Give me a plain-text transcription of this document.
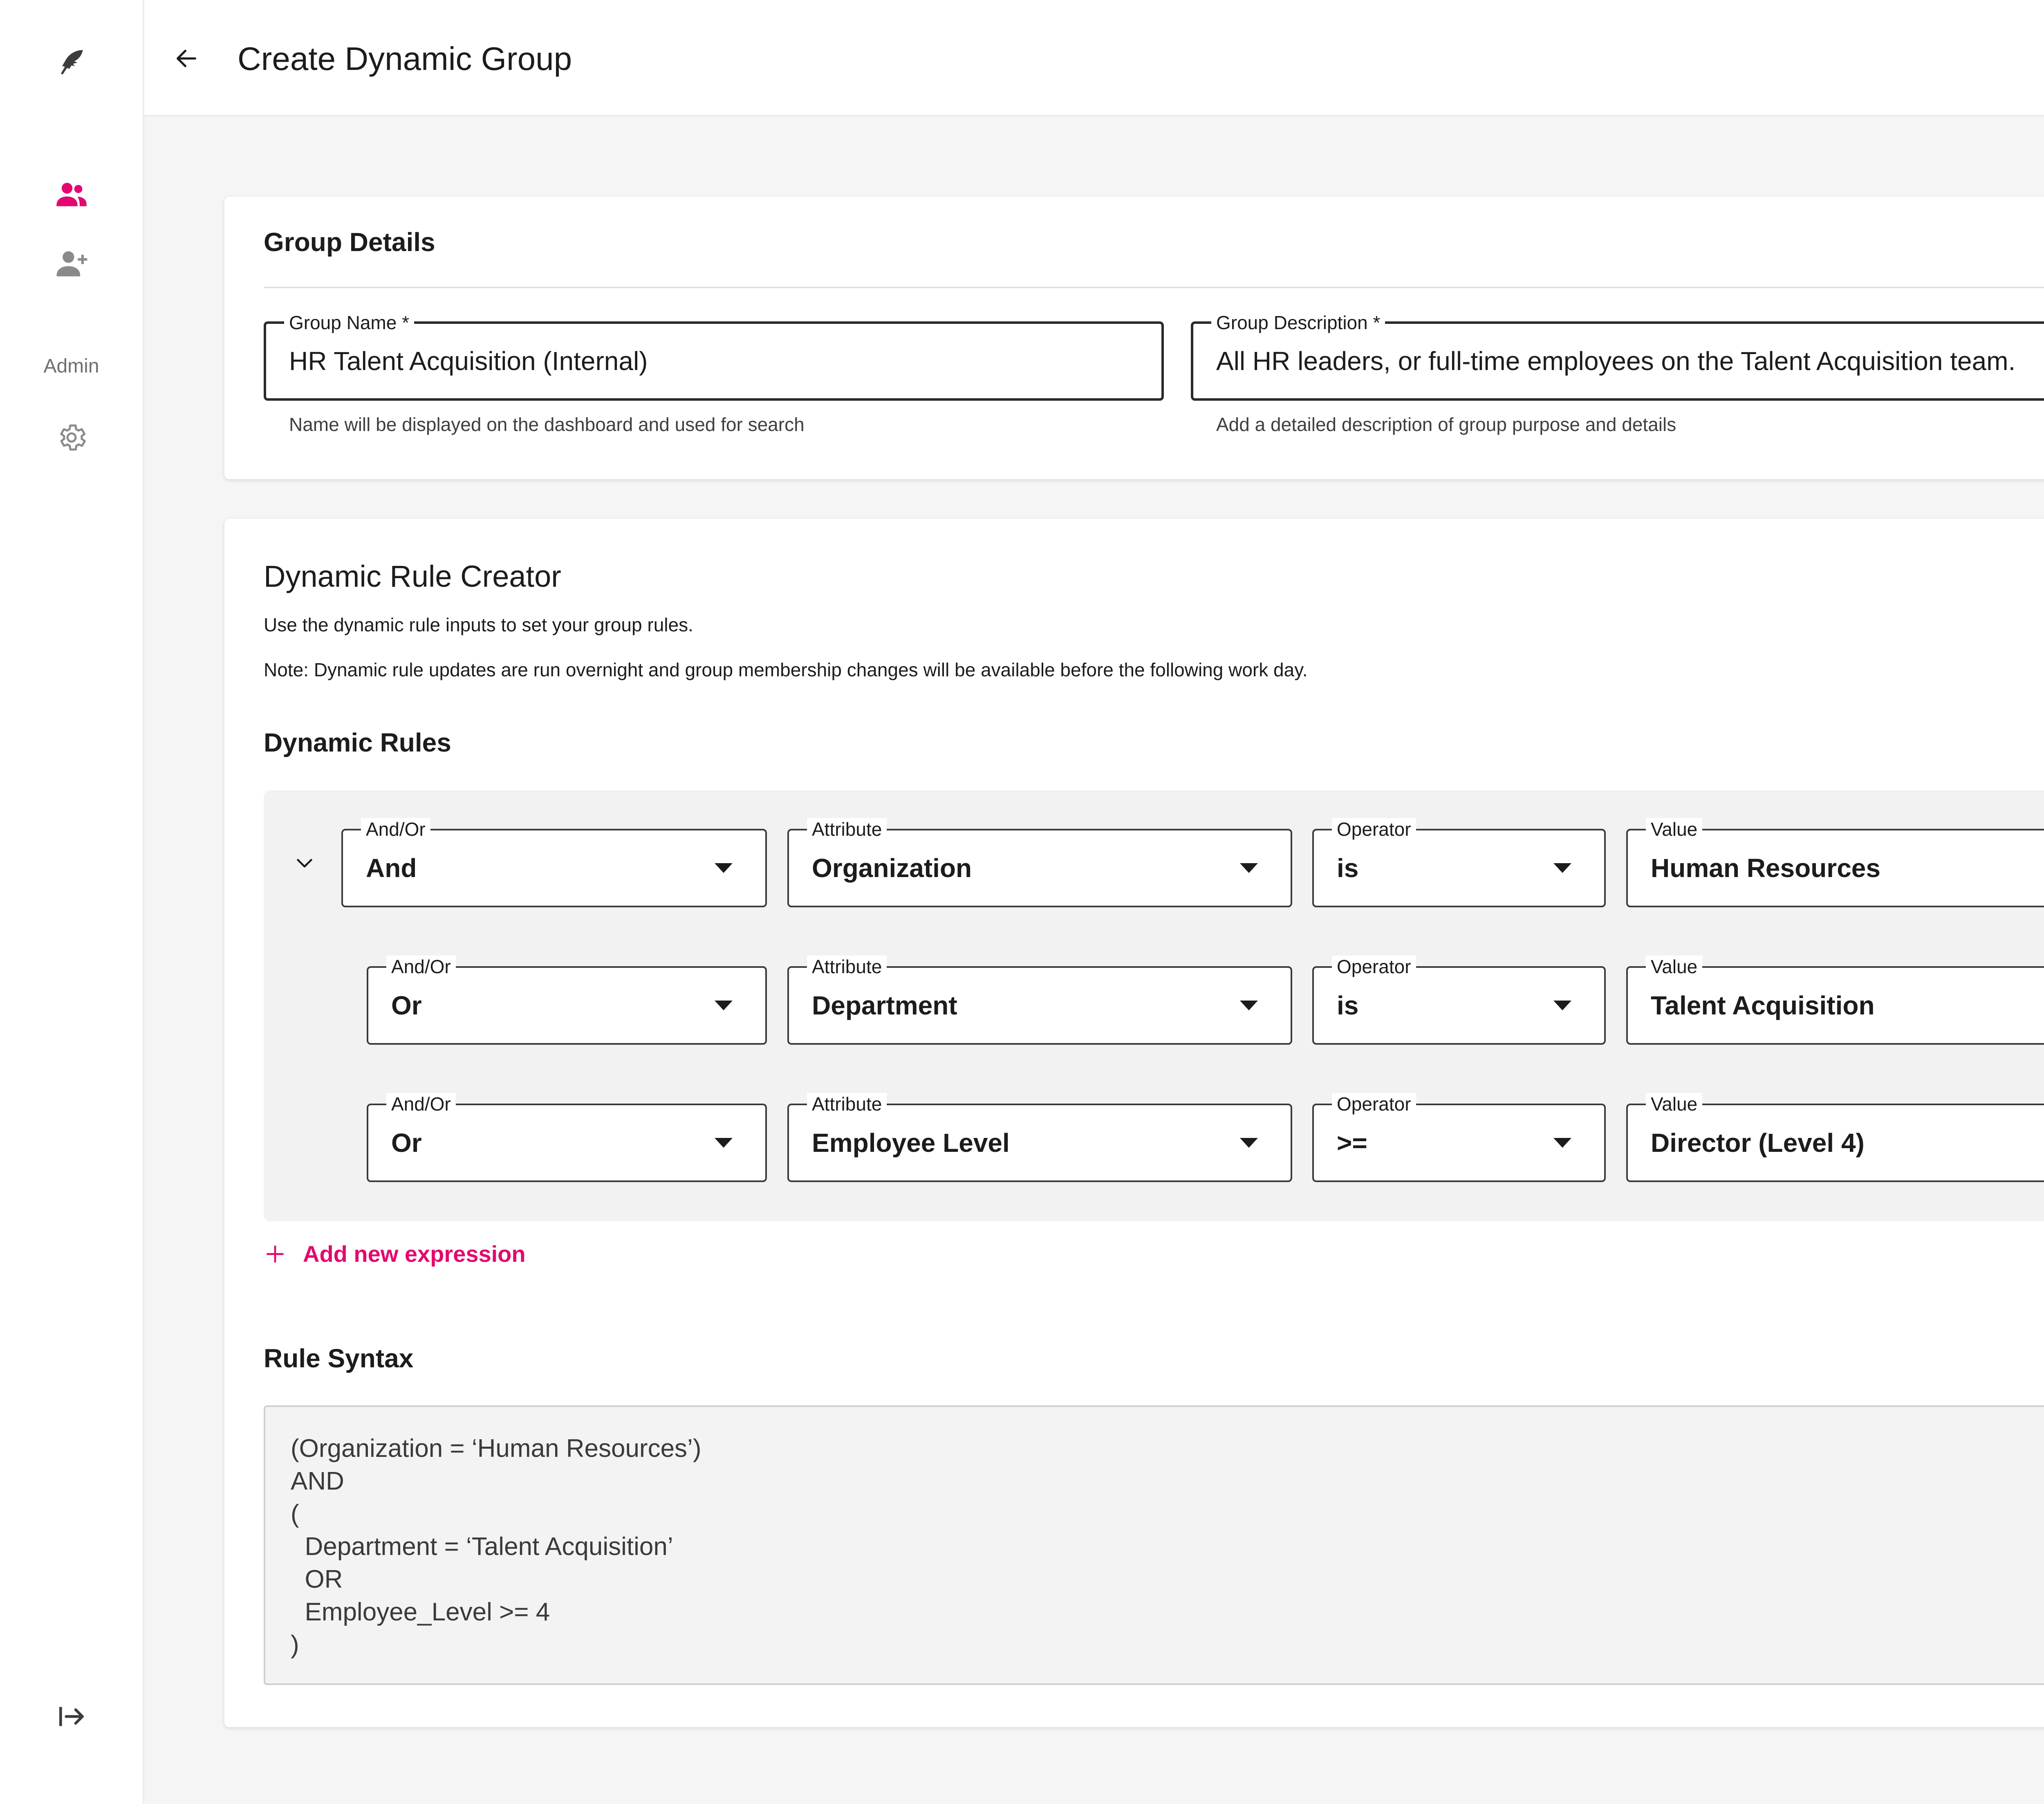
Admin
Create Dynamic Group
Group Details
Group Name *
HR Talent Acquisition (Internal)
Name will be displayed on the dashboard and used for search
Group Description *
All HR leaders, or full-time employees on the Talent Acquisition team.
Add a detailed description of group purpose and details
Dynamic Rule Creator

Use the dynamic rule inputs to set your group rules.

Note: Dynamic rule updates are run overnight and group membership changes will be available before the following work day.

Dynamic Rules
And/Or
And
Attribute
Organization
Operator
is
Value
Human Resources
And/Or
Or
Attribute
Department
Operator
is
Value
Talent Acquisition
And/Or
Or
Attribute
Employee Level
Operator
>=
Value
Director (Level 4)
Add new expression
Rule Syntax
(Organization = ‘Human Resources’)
AND
(
Department = ‘Talent Acquisition’
OR
Employee_Level >= 4
)
